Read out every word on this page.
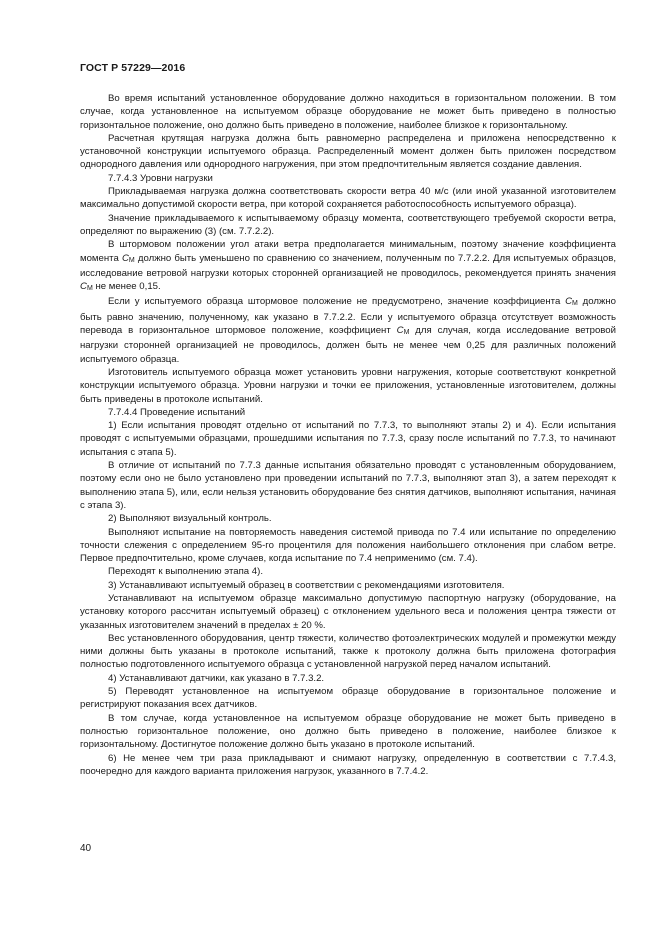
ГОСТ Р 57229—2016

Во время испытаний установленное оборудование должно находиться в горизонтальном положении. В том случае, когда установленное на испытуемом образце оборудование не может быть приведено в полностью горизонтальное положение, оно должно быть приведено в положение, наиболее близкое к горизонтальному.

Расчетная крутящая нагрузка должна быть равномерно распределена и приложена непосредственно к установочной конструкции испытуемого образца. Распределенный момент должен быть приложен посредством однородного давления или однородного нагружения, при этом предпочтительным является создание давления.

7.7.4.3 Уровни нагрузки

Прикладываемая нагрузка должна соответствовать скорости ветра 40 м/с (или иной указанной изготовителем максимально допустимой скорости ветра, при которой сохраняется работоспособность испытуемого образца).

Значение прикладываемого к испытываемому образцу момента, соответствующего требуемой скорости ветра, определяют по выражению (3) (см. 7.7.2.2).

В штормовом положении угол атаки ветра предполагается минимальным, поэтому значение коэффициента момента CМ должно быть уменьшено по сравнению со значением, полученным по 7.7.2.2. Для испытуемых образцов, исследование ветровой нагрузки которых сторонней организацией не проводилось, рекомендуется принять значения CМ не менее 0,15.

Если у испытуемого образца штормовое положение не предусмотрено, значение коэффициента CМ должно быть равно значению, полученному, как указано в 7.7.2.2. Если у испытуемого образца отсутствует возможность перевода в горизонтальное штормовое положение, коэффициент CМ для случая, когда исследование ветровой нагрузки сторонней организацией не проводилось, должен быть не менее чем 0,25 для различных положений испытуемого образца.

Изготовитель испытуемого образца может установить уровни нагружения, которые соответствуют конкретной конструкции испытуемого образца. Уровни нагрузки и точки ее приложения, установленные изготовителем, должны быть приведены в протоколе испытаний.

7.7.4.4 Проведение испытаний

1) Если испытания проводят отдельно от испытаний по 7.7.3, то выполняют этапы 2) и 4). Если испытания проводят с испытуемыми образцами, прошедшими испытания по 7.7.3, сразу после испытаний по 7.7.3, то начинают испытания с этапа 5).

В отличие от испытаний по 7.7.3 данные испытания обязательно проводят с установленным оборудованием, поэтому если оно не было установлено при проведении испытаний по 7.7.3, выполняют этап 3), а затем переходят к выполнению этапа 5), или, если нельзя установить оборудование без снятия датчиков, выполняют испытания, начиная с этапа 3).

2) Выполняют визуальный контроль.

Выполняют испытание на повторяемость наведения системой привода по 7.4 или испытание по определению точности слежения с определением 95-го процентиля для положения наибольшего отклонения при слабом ветре. Первое предпочтительно, кроме случаев, когда испытание по 7.4 неприменимо (см. 7.4).

Переходят к выполнению этапа 4).

3) Устанавливают испытуемый образец в соответствии с рекомендациями изготовителя.

Устанавливают на испытуемом образце максимально допустимую паспортную нагрузку (оборудование, на установку которого рассчитан испытуемый образец) с отклонением удельного веса и положения центра тяжести от указанных изготовителем значений в пределах ± 20 %.

Вес установленного оборудования, центр тяжести, количество фотоэлектрических модулей и промежутки между ними должны быть указаны в протоколе испытаний, также к протоколу должна быть приложена фотография полностью подготовленного испытуемого образца с установленной нагрузкой перед началом испытаний.

4) Устанавливают датчики, как указано в 7.7.3.2.

5) Переводят установленное на испытуемом образце оборудование в горизонтальное положение и регистрируют показания всех датчиков.

В том случае, когда установленное на испытуемом образце оборудование не может быть приведено в полностью горизонтальное положение, оно должно быть приведено в положение, наиболее близкое к горизонтальному. Достигнутое положение должно быть указано в протоколе испытаний.

6) Не менее чем три раза прикладывают и снимают нагрузку, определенную в соответствии с 7.7.4.3, поочередно для каждого варианта приложения нагрузок, указанного в 7.7.4.2.

40
